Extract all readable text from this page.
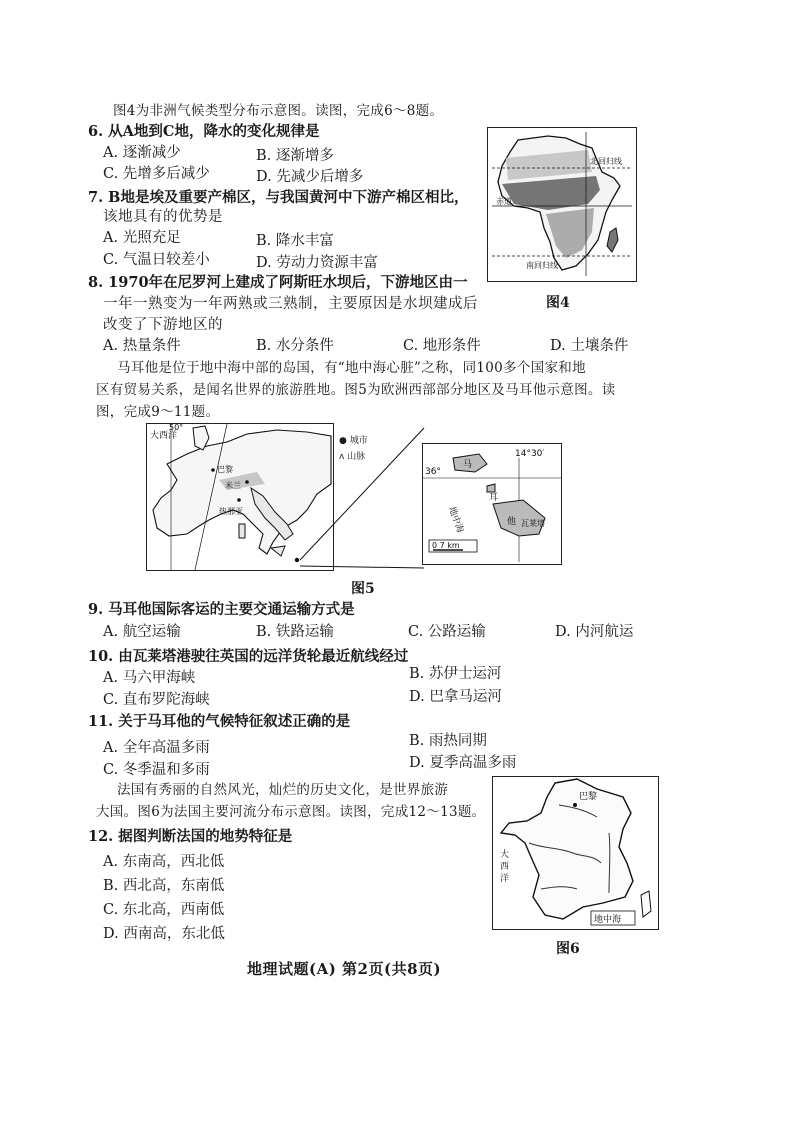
图4为非洲气候类型分布示意图。读图，完成6～8题。
6. 从A地到C地，降水的变化规律是
A. 逐渐减少	B. 逐渐增多
C. 先增多后减少	D. 先减少后增多
7. B地是埃及重要产棉区，与我国黄河中下游产棉区相比，
该地具有的优势是
A. 光照充足	B. 降水丰富
C. 气温日较差小	D. 劳动力资源丰富
8. 1970年在尼罗河上建成了阿斯旺水坝后，下游地区由一
一年一熟变为一年两熟或三熟制，主要原因是水坝建成后
改变了下游地区的
A. 热量条件	B. 水分条件	C. 地形条件	D. 土壤条件
北回归线
赤道
南回归线
图4
马耳他是位于地中海中部的岛国，有“地中海心脏”之称，同100多个国家和地
区有贸易关系，是闻名世界的旅游胜地。图5为欧洲西部部分地区及马耳他示意图。读
图，完成9～11题。
大西洋
50°
巴黎
米兰
热那亚
● 城市
ᴧ 山脉	14°30′
36°
马
耳
他 瓦莱塔
地中海
0 7 km
图5
9. 马耳他国际客运的主要交通运输方式是
A. 航空运输	B. 铁路运输	C. 公路运输	D. 内河航运
10. 由瓦莱塔港驶往英国的远洋货轮最近航线经过
A. 马六甲海峡	B. 苏伊士运河
C. 直布罗陀海峡	D. 巴拿马运河
11. 关于马耳他的气候特征叙述正确的是
A. 全年高温多雨	B. 雨热同期
C. 冬季温和多雨	D. 夏季高温多雨
法国有秀丽的自然风光，灿烂的历史文化，是世界旅游
大国。图6为法国主要河流分布示意图。读图，完成12～13题。
12. 据图判断法国的地势特征是
A. 东南高，西北低
B. 西北高，东南低
C. 东北高，西南低
D. 西南高，东北低
巴黎
大
西
洋
地中海
图6
地理试题(A) 第2页(共8页)
